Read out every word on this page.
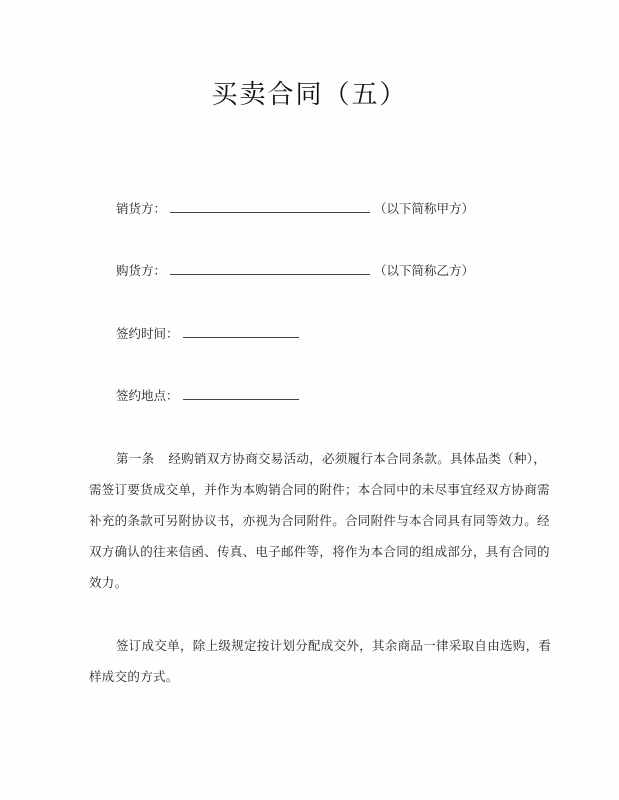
买卖合同（五）
销货方：	（以下简称甲方）
购货方：	（以下简称乙方）
签约时间：
签约地点：
第一条 经购销双方协商交易活动，必须履行本合同条款。具体品类（种），
需签订要货成交单，并作为本购销合同的附件；本合同中的未尽事宜经双方协商需
补充的条款可另附协议书，亦视为合同附件。合同附件与本合同具有同等效力。经
双方确认的往来信函、传真、电子邮件等，将作为本合同的组成部分，具有合同的
效力。
签订成交单，除上级规定按计划分配成交外，其余商品一律采取自由选购，看
样成交的方式。
